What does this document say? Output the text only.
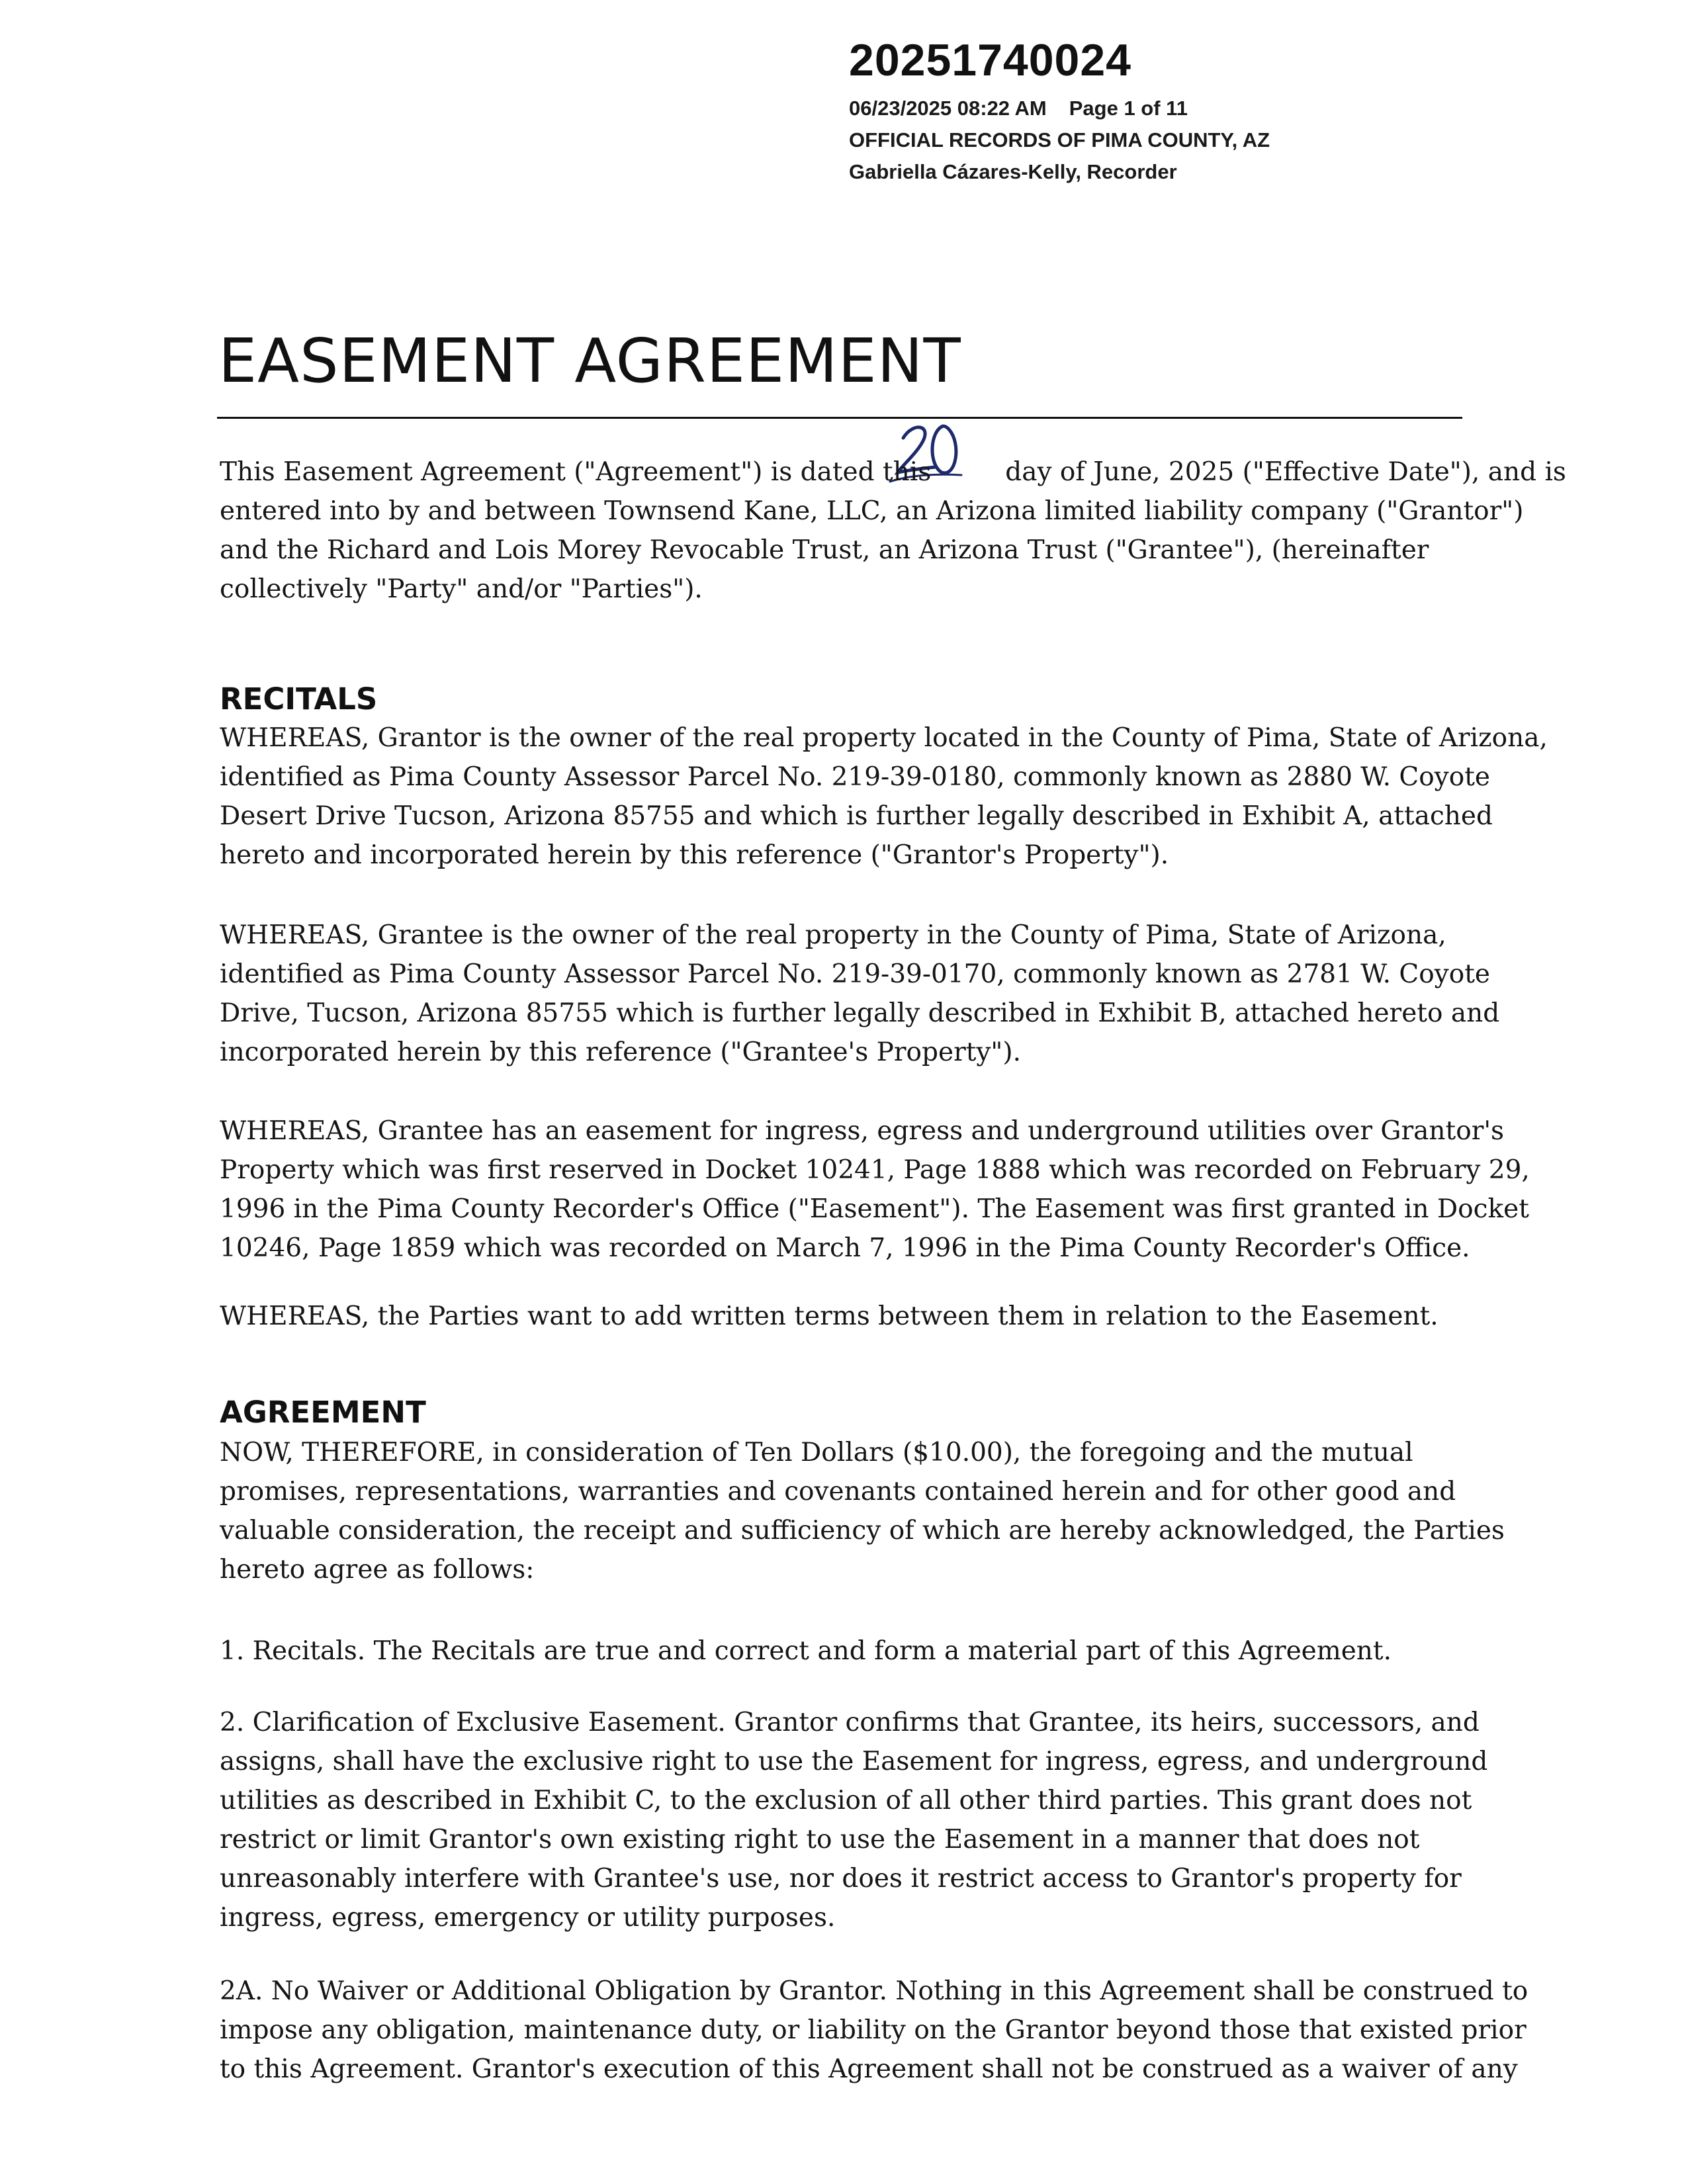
20251740024
06/23/2025 08:22 AM Page 1 of 11
OFFICIAL RECORDS OF PIMA COUNTY, AZ
Gabriella Cázares-Kelly, Recorder
EASEMENT AGREEMENT
This Easement Agreement ("Agreement") is dated this	day of June, 2025 ("Effective Date"), and is
entered into by and between Townsend Kane, LLC, an Arizona limited liability company ("Grantor")
and the Richard and Lois Morey Revocable Trust, an Arizona Trust ("Grantee"), (hereinafter
collectively "Party" and/or "Parties").
RECITALS
WHEREAS, Grantor is the owner of the real property located in the County of Pima, State of Arizona,
identified as Pima County Assessor Parcel No. 219-39-0180, commonly known as 2880 W. Coyote
Desert Drive Tucson, Arizona 85755 and which is further legally described in Exhibit A, attached
hereto and incorporated herein by this reference ("Grantor's Property").
WHEREAS, Grantee is the owner of the real property in the County of Pima, State of Arizona,
identified as Pima County Assessor Parcel No. 219-39-0170, commonly known as 2781 W. Coyote
Drive, Tucson, Arizona 85755 which is further legally described in Exhibit B, attached hereto and
incorporated herein by this reference ("Grantee's Property").
WHEREAS, Grantee has an easement for ingress, egress and underground utilities over Grantor's
Property which was first reserved in Docket 10241, Page 1888 which was recorded on February 29,
1996 in the Pima County Recorder's Office ("Easement"). The Easement was first granted in Docket
10246, Page 1859 which was recorded on March 7, 1996 in the Pima County Recorder's Office.
WHEREAS, the Parties want to add written terms between them in relation to the Easement.
AGREEMENT
NOW, THEREFORE, in consideration of Ten Dollars ($10.00), the foregoing and the mutual
promises, representations, warranties and covenants contained herein and for other good and
valuable consideration, the receipt and sufficiency of which are hereby acknowledged, the Parties
hereto agree as follows:
1. Recitals. The Recitals are true and correct and form a material part of this Agreement.
2. Clarification of Exclusive Easement. Grantor confirms that Grantee, its heirs, successors, and
assigns, shall have the exclusive right to use the Easement for ingress, egress, and underground
utilities as described in Exhibit C, to the exclusion of all other third parties. This grant does not
restrict or limit Grantor's own existing right to use the Easement in a manner that does not
unreasonably interfere with Grantee's use, nor does it restrict access to Grantor's property for
ingress, egress, emergency or utility purposes.
2A. No Waiver or Additional Obligation by Grantor. Nothing in this Agreement shall be construed to
impose any obligation, maintenance duty, or liability on the Grantor beyond those that existed prior
to this Agreement. Grantor's execution of this Agreement shall not be construed as a waiver of any
